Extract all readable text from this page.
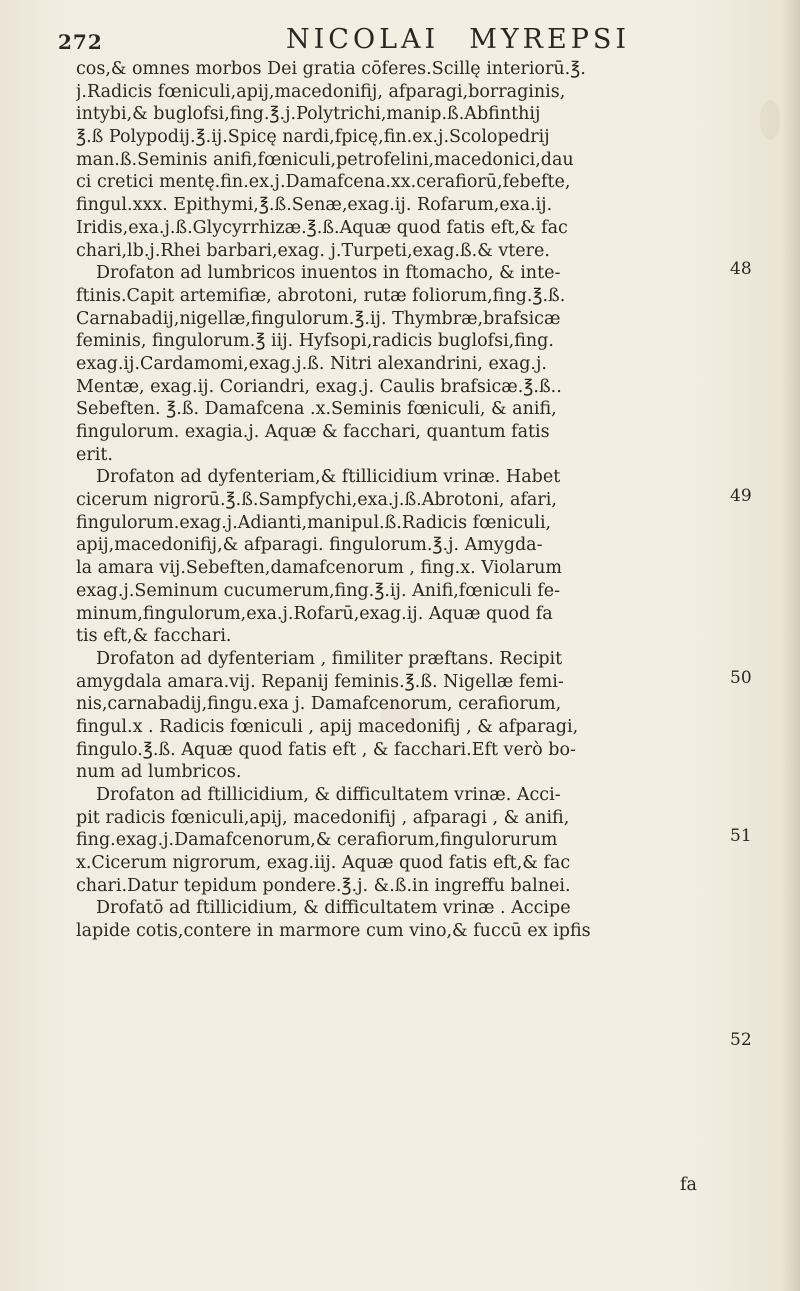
272	NICOLAI MYREPSI
cos,& omnes morbos Dei gratia cōferes.Scillę interiorū.℥.
j.Radicis fœniculi,apij,macedonifij, afparagi,borraginis,
intybi,& buglofsi,fing.℥.j.Polytrichi,manip.ß.Abfinthij
℥.ß Polypodij.℥.ij.Spicę nardi,fpicę,fin.ex.j.Scolopedrij
man.ß.Seminis anifi,fœniculi,petrofelini,macedonici,dau
ci cretici mentę.fin.ex.j.Damafcena.xx.cerafiorū,febefte,
fingul.xxx. Epithymi,℥.ß.Senæ,exag.ij. Rofarum,exa.ij.
Iridis,exa.j.ß.Glycyrrhizæ.℥.ß.Aquæ quod fatis eft,& fac
chari,lb.j.Rhei barbari,exag. j.Turpeti,exag.ß.& vtere.
Drofaton ad lumbricos inuentos in ftomacho, & inte-
ftinis.Capit artemifiæ, abrotoni, rutæ foliorum,fing.℥.ß.
Carnabadij,nigellæ,fingulorum.℥.ij. Thymbræ,brafsicæ
feminis, fingulorum.℥ iij. Hyfsopi,radicis buglofsi,fing.
exag.ij.Cardamomi,exag.j.ß. Nitri alexandrini, exag.j.
Mentæ, exag.ij. Coriandri, exag.j. Caulis brafsicæ.℥.ß..
Sebeften. ℥.ß. Damafcena .x.Seminis fœniculi, & anifi,
fingulorum. exagia.j. Aquæ & facchari, quantum fatis
erit.
Drofaton ad dyfenteriam,& ftillicidium vrinæ. Habet
cicerum nigrorū.℥.ß.Sampfychi,exa.j.ß.Abrotoni, afari,
fingulorum.exag.j.Adianti,manipul.ß.Radicis fœniculi,
apij,macedonifij,& afparagi. fingulorum.℥.j. Amygda-
la amara vij.Sebeften,damafcenorum , fing.x. Violarum
exag.j.Seminum cucumerum,fing.℥.ij. Anifi,fœniculi fe-
minum,fingulorum,exa.j.Rofarū,exag.ij. Aquæ quod fa
tis eft,& facchari.
Drofaton ad dyfenteriam , fimiliter præftans. Recipit
amygdala amara.vij. Repanij feminis.℥.ß. Nigellæ femi-
nis,carnabadij,fingu.exa j. Damafcenorum, cerafiorum,
fingul.x . Radicis fœniculi , apij macedonifij , & afparagi,
fingulo.℥.ß. Aquæ quod fatis eft , & facchari.Eft verò bo-
num ad lumbricos.
Drofaton ad ftillicidium, & difficultatem vrinæ. Acci-
pit radicis fœniculi,apij, macedonifij , afparagi , & anifi,
fing.exag.j.Damafcenorum,& cerafiorum,fingulorurum
x.Cicerum nigrorum, exag.iij. Aquæ quod fatis eft,& fac
chari.Datur tepidum pondere.℥.j. &.ß.in ingreffu balnei.
Drofatō ad ftillicidium, & difficultatem vrinæ . Accipe
lapide cotis,contere in marmore cum vino,& fuccū ex ipfis
48
49
50
51
52
fa
